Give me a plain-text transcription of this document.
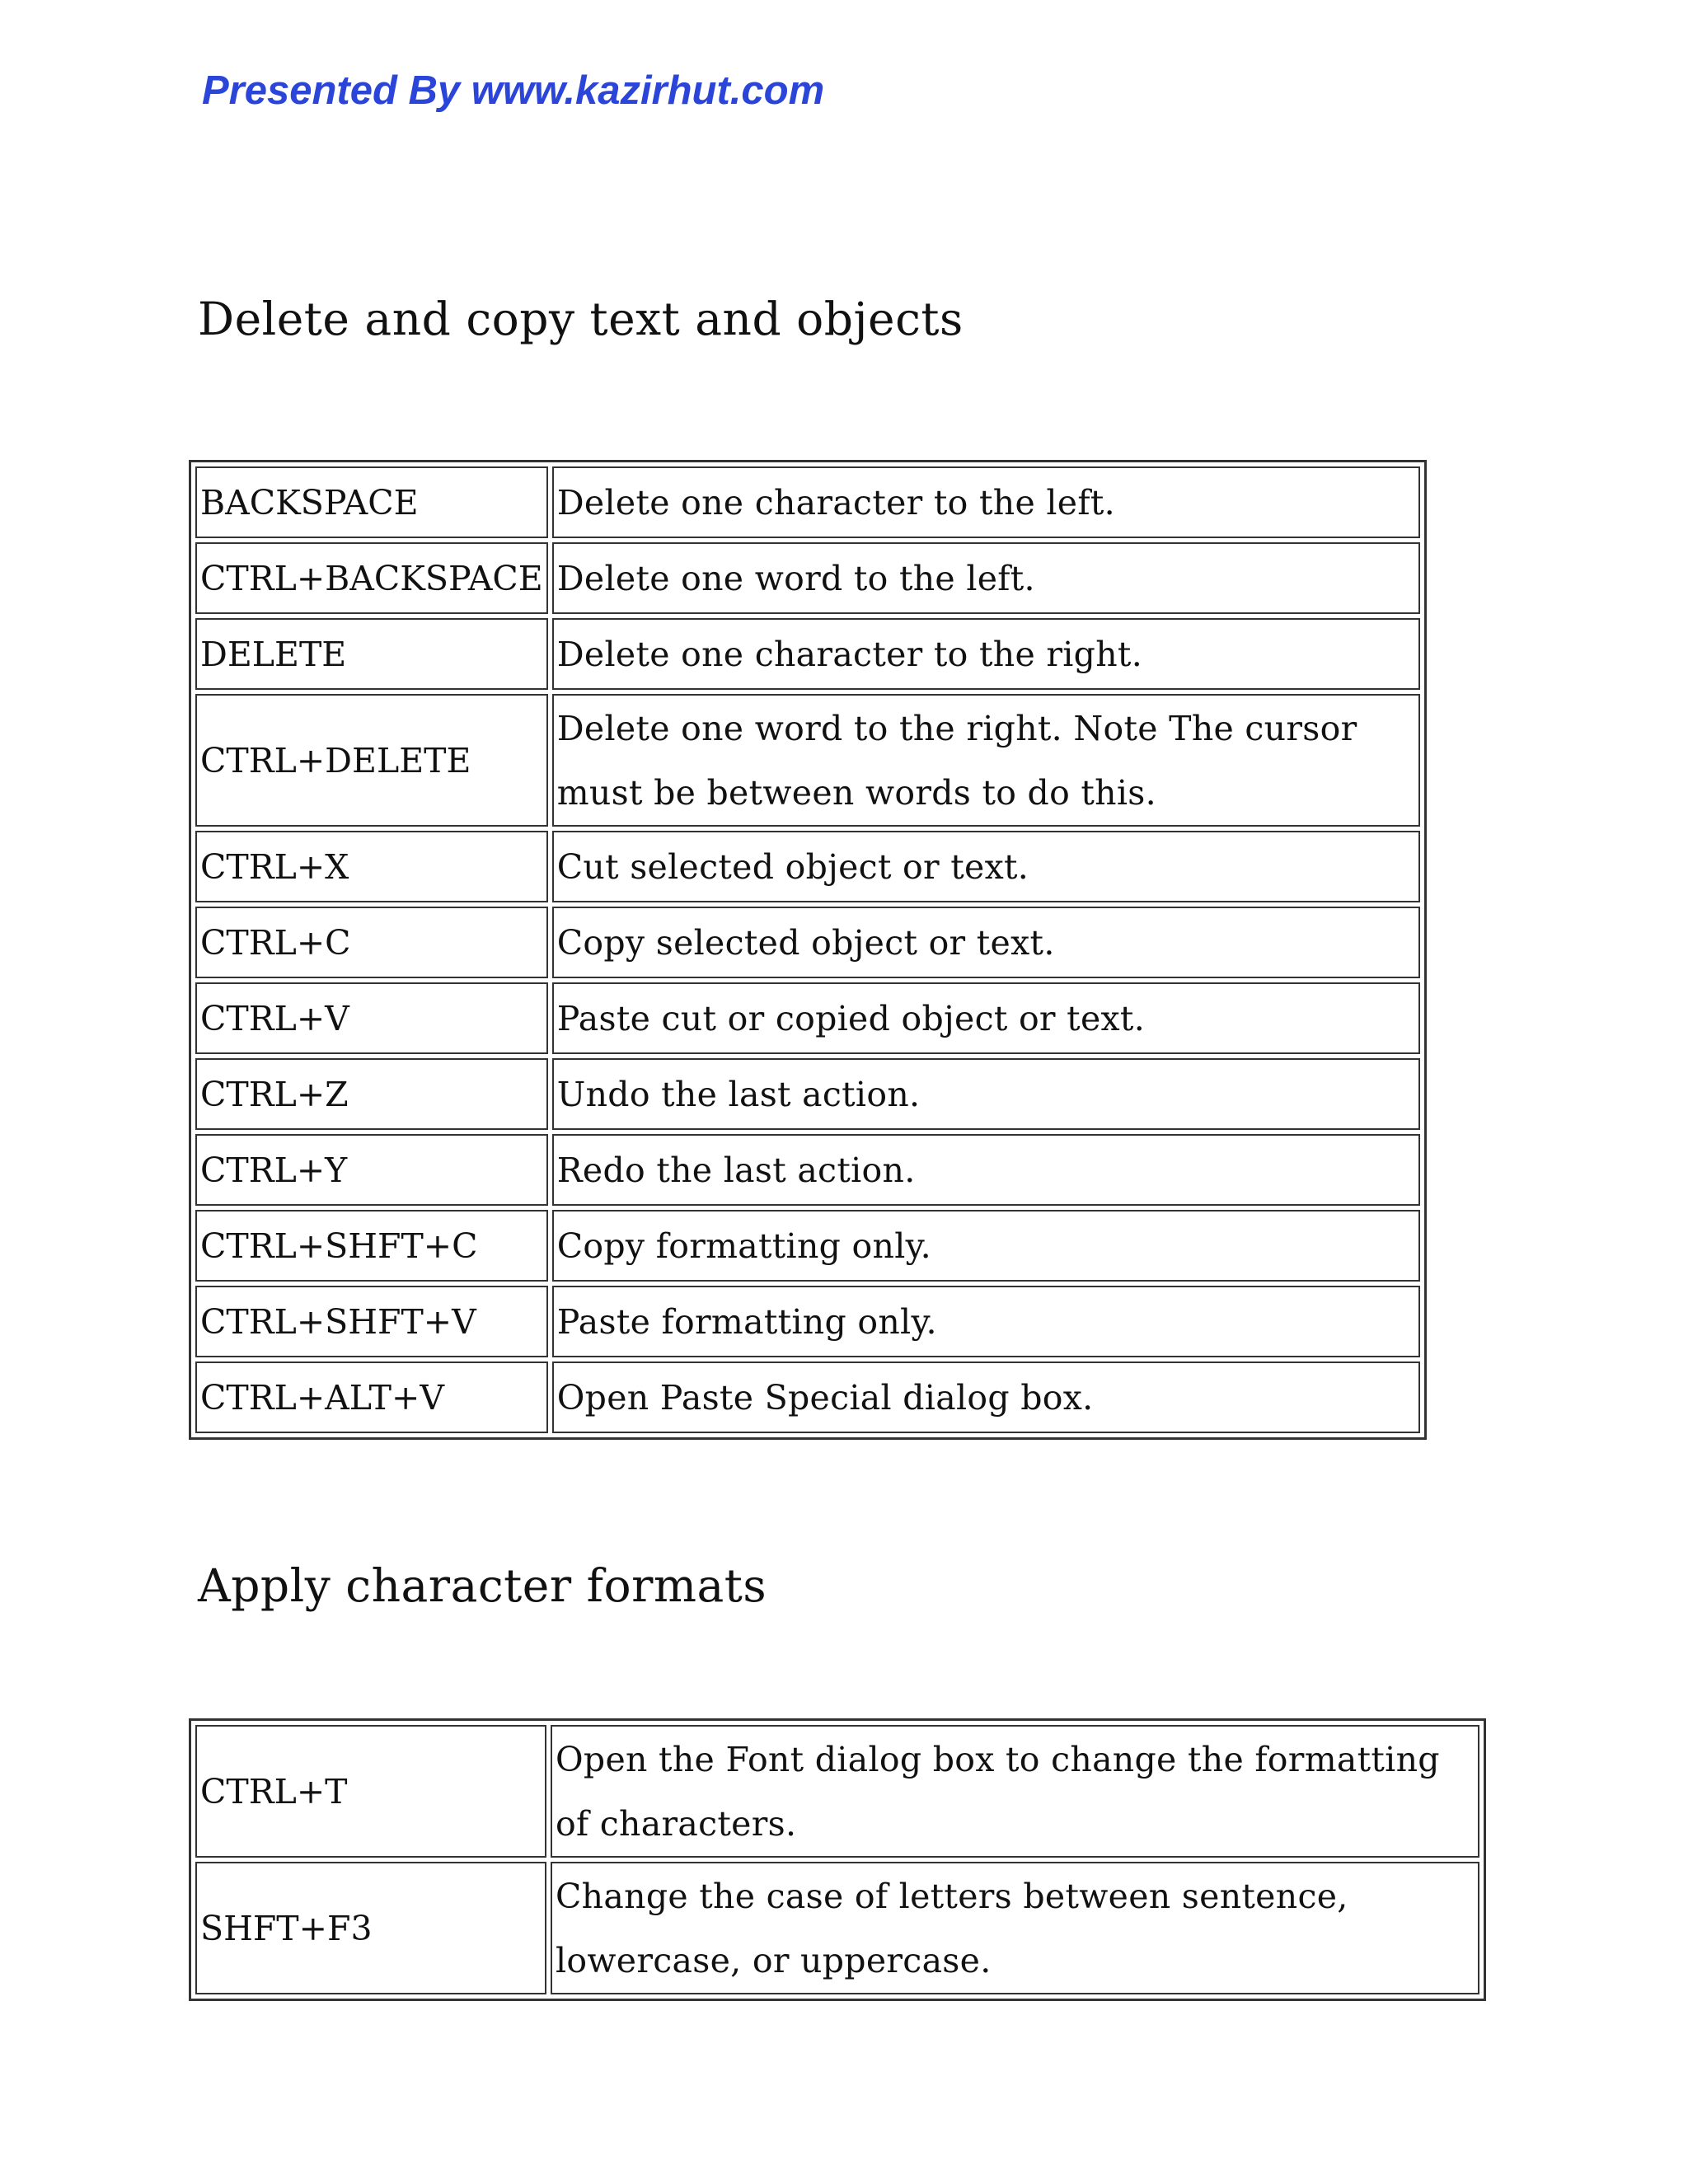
Presented By www.kazirhut.com
Delete and copy text and objects
BACKSPACE	Delete one character to the left.
CTRL+BACKSPACE	Delete one word to the left.
DELETE	Delete one character to the right.
CTRL+DELETE	Delete one word to the right. Note The cursor must be between words to do this.
CTRL+X	Cut selected object or text.
CTRL+C	Copy selected object or text.
CTRL+V	Paste cut or copied object or text.
CTRL+Z	Undo the last action.
CTRL+Y	Redo the last action.
CTRL+SHFT+C	Copy formatting only.
CTRL+SHFT+V	Paste formatting only.
CTRL+ALT+V	Open Paste Special dialog box.
Apply character formats
CTRL+T	Open the Font dialog box to change the formatting of characters.
SHFT+F3	Change the case of letters between sentence, lowercase, or uppercase.
